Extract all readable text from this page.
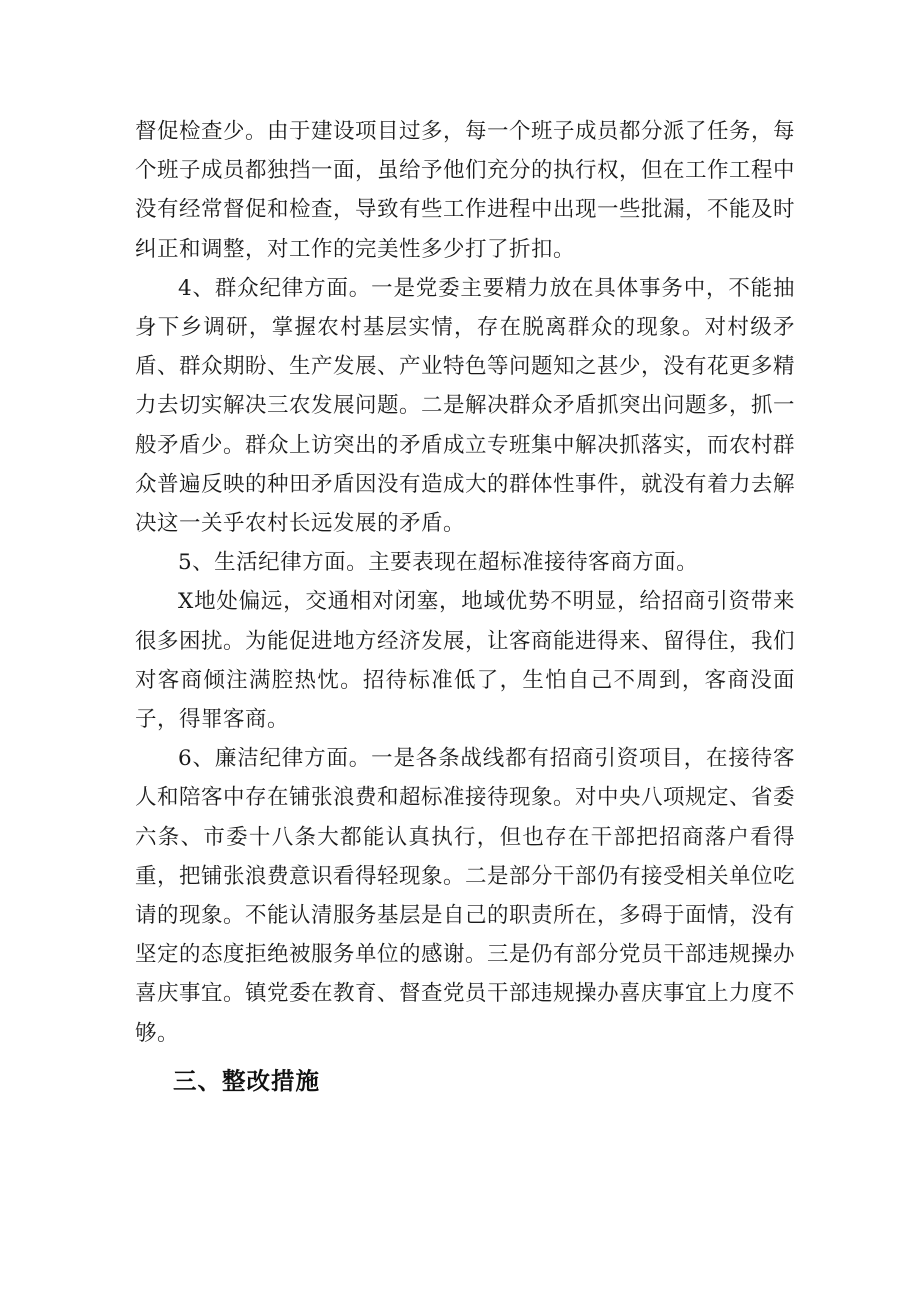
督促检查少。由于建设项目过多，每一个班子成员都分派了任务，每个班子成员都独挡一面，虽给予他们充分的执行权，但在工作工程中没有经常督促和检查，导致有些工作进程中出现一些批漏，不能及时纠正和调整，对工作的完美性多少打了折扣。

4、群众纪律方面。一是党委主要精力放在具体事务中，不能抽身下乡调研，掌握农村基层实情，存在脱离群众的现象。对村级矛盾、群众期盼、生产发展、产业特色等问题知之甚少，没有花更多精力去切实解决三农发展问题。二是解决群众矛盾抓突出问题多，抓一般矛盾少。群众上访突出的矛盾成立专班集中解决抓落实，而农村群众普遍反映的种田矛盾因没有造成大的群体性事件，就没有着力去解决这一关乎农村长远发展的矛盾。

5、生活纪律方面。主要表现在超标准接待客商方面。

X地处偏远，交通相对闭塞，地域优势不明显，给招商引资带来很多困扰。为能促进地方经济发展，让客商能进得来、留得住，我们对客商倾注满腔热忱。招待标准低了，生怕自己不周到，客商没面子，得罪客商。

6、廉洁纪律方面。一是各条战线都有招商引资项目，在接待客人和陪客中存在铺张浪费和超标准接待现象。对中央八项规定、省委六条、市委十八条大都能认真执行，但也存在干部把招商落户看得重，把铺张浪费意识看得轻现象。二是部分干部仍有接受相关单位吃请的现象。不能认清服务基层是自己的职责所在，多碍于面情，没有坚定的态度拒绝被服务单位的感谢。三是仍有部分党员干部违规操办喜庆事宜。镇党委在教育、督查党员干部违规操办喜庆事宜上力度不够。

三、整改措施
